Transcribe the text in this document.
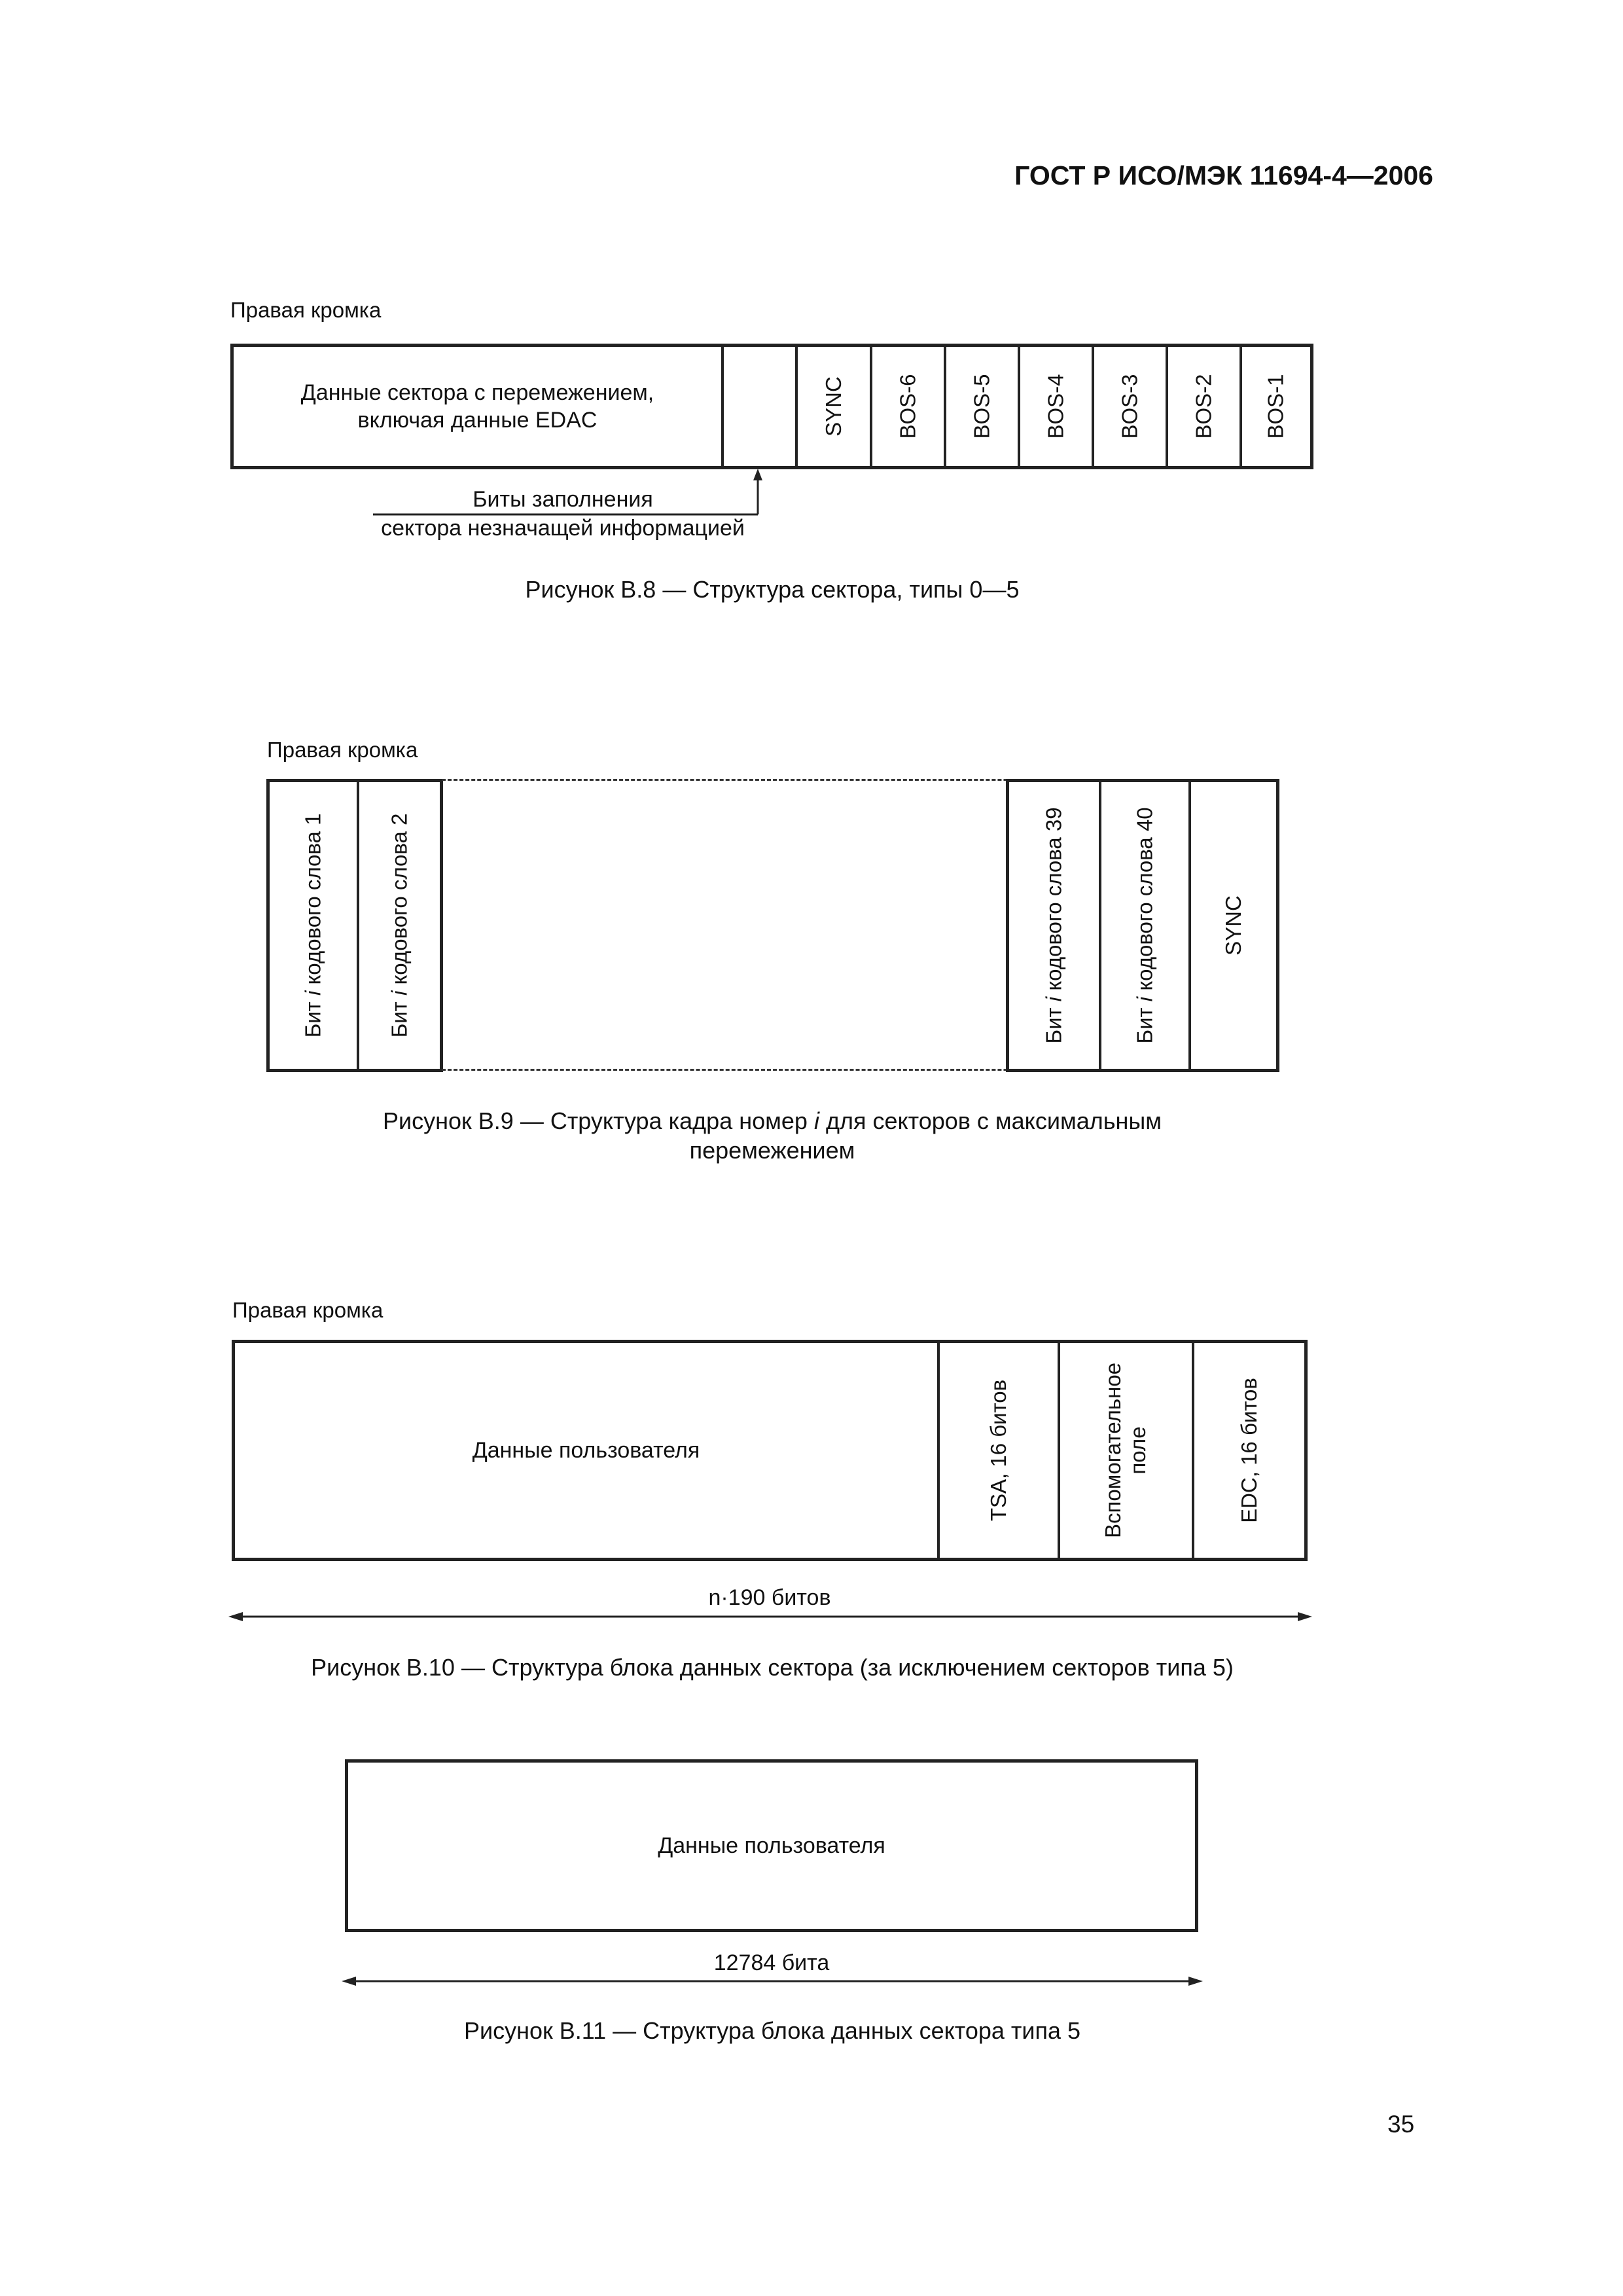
ГОСТ Р ИСО/МЭК 11694-4—2006
Правая кромка
Данные сектора с перемежением, включая данные EDAC	SYNC BOS-6 BOS-5 BOS-4 BOS-3 BOS-2 BOS-1
Биты заполнения
сектора незначащей информацией
Рисунок В.8 — Структура сектора, типы 0—5
Правая кромка
Бит i кодового слова 1
Бит i кодового слова 2
Бит i кодового слова 39
Бит i кодового слова 40	SYNC
Рисунок В.9 — Структура кадра номер i для секторов с максимальным
перемежением
Правая кромка
Данные пользователя	TSA, 16 битов	Вспомогательное
поле	EDC, 16 битов
n·190 битов
Рисунок В.10 — Структура блока данных сектора (за исключением секторов типа 5)
Данные пользователя
12784 бита
Рисунок В.11 — Структура блока данных сектора типа 5
35
